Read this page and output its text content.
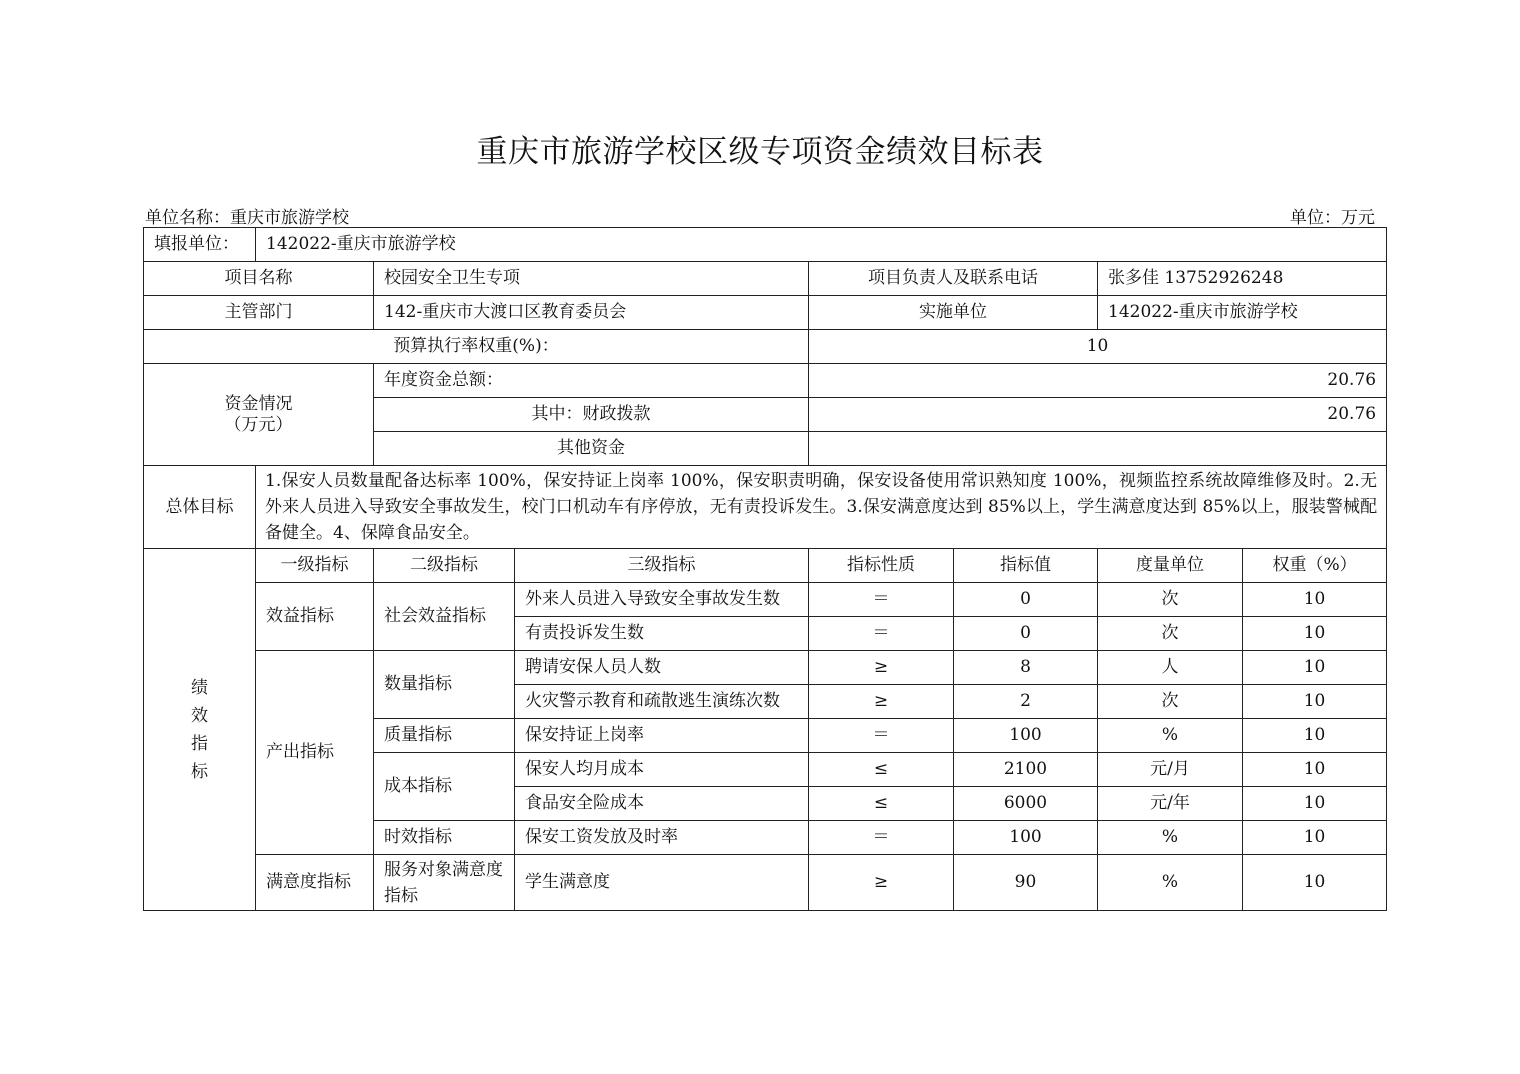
重庆市旅游学校区级专项资金绩效目标表
单位名称：重庆市旅游学校	单位：万元
填报单位：	142022-重庆市旅游学校						
项目名称		校园安全卫生专项		项目负责人及联系电话		张多佳 13752926248	
主管部门		142-重庆市大渡口区教育委员会		实施单位		142022-重庆市旅游学校	
预算执行率权重(%)：				10			

资金情况
（万元）		年度资金总额：		20.76			
		其中：财政拨款		20.76			
		其他资金					
总体目标	1.保安人员数量配备达标率 100%，保安持证上岗率 100%，保安职责明确，保安设备使用常识熟知度 100%，视频监控系统故障维修及时。2.无外来人员进入导致安全事故发生，校门口机动车有序停放，无有责投诉发生。3.保安满意度达到 85%以上，学生满意度达到 85%以上，服装警械配备健全。4、保障食品安全。						

绩
效
指
标	一级指标	二级指标	三级指标	指标性质	指标值	度量单位	权重（%）
	效益指标	社会效益指标	外来人员进入导致安全事故发生数	＝	0	次	10
			有责投诉发生数	＝	0	次	10
	产出指标	数量指标	聘请安保人员人数	≥	8	人	10
			火灾警示教育和疏散逃生演练次数	≥	2	次	10
		质量指标	保安持证上岗率	＝	100	%	10
		成本指标	保安人均月成本	≤	2100	元/月	10
			食品安全险成本	≤	6000	元/年	10
		时效指标	保安工资发放及时率	＝	100	%	10
	满意度指标	服务对象满意度指标	学生满意度	≥	90	%	10
